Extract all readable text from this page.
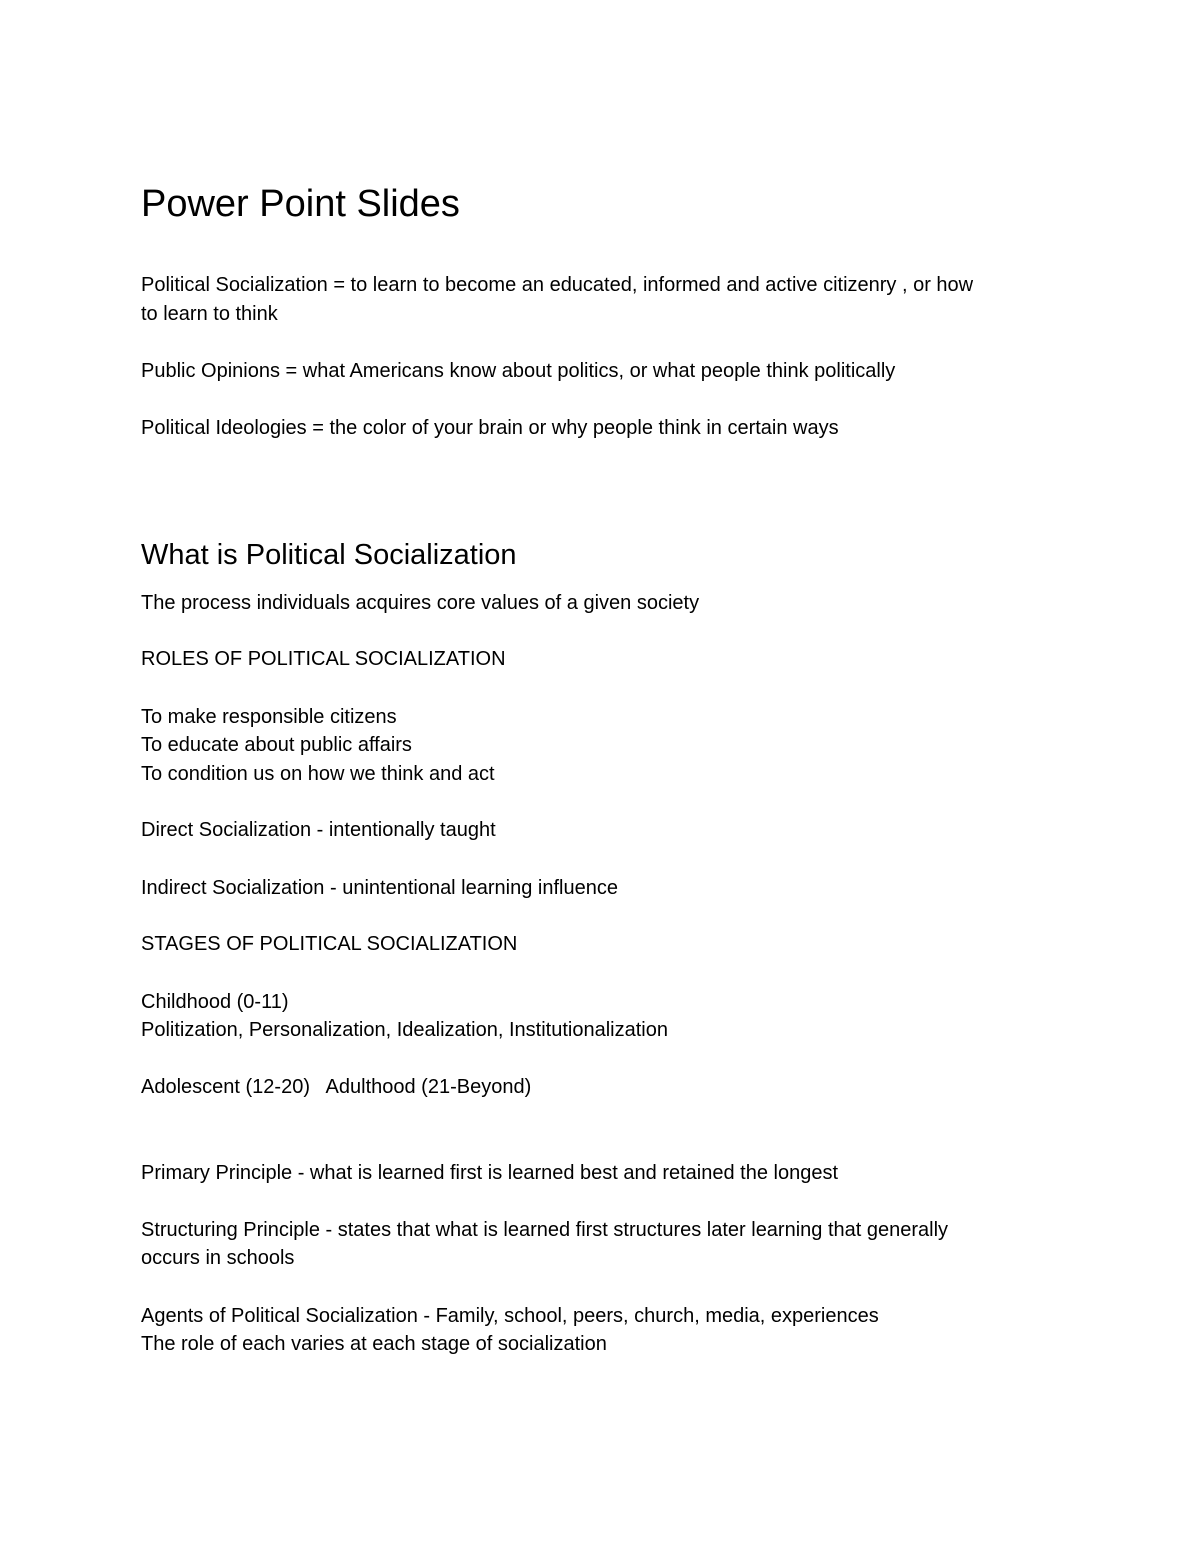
Power Point Slides
Political Socialization = to learn to become an educated, informed and active citizenry , or how
to learn to think
Public Opinions = what Americans know about politics, or what people think politically
Political Ideologies = the color of your brain or why people think in certain ways
What is Political Socialization
The process individuals acquires core values of a given society
ROLES OF POLITICAL SOCIALIZATION
To make responsible citizens
To educate about public affairs
To condition us on how we think and act
Direct Socialization - intentionally taught
Indirect Socialization - unintentional learning influence
STAGES OF POLITICAL SOCIALIZATION
Childhood (0-11)
Politization, Personalization, Idealization, Institutionalization
Adolescent (12-20)   Adulthood (21-Beyond)
Primary Principle - what is learned first is learned best and retained the longest
Structuring Principle - states that what is learned first structures later learning that generally
occurs in schools
Agents of Political Socialization - Family, school, peers, church, media, experiences
The role of each varies at each stage of socialization
